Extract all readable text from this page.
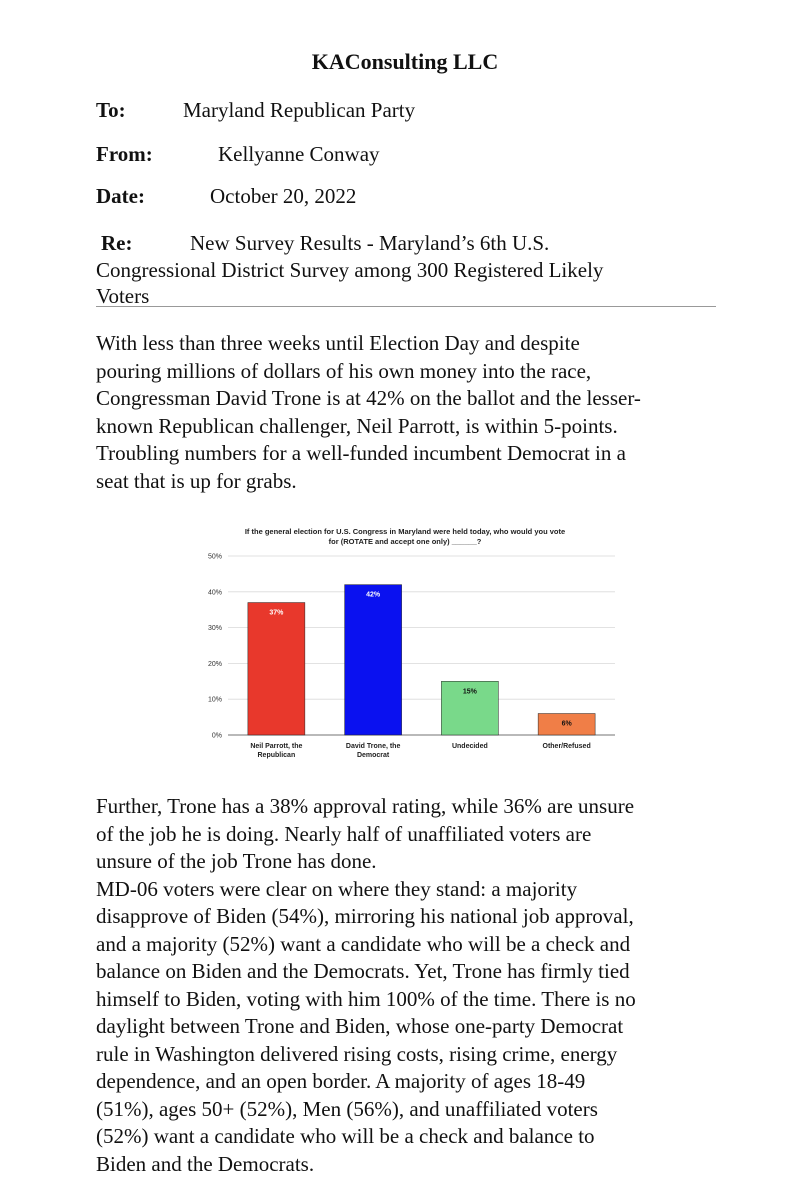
KAConsulting LLC
To:	Maryland Republican Party
From:	Kellyanne Conway
Date:	October 20, 2022
Re:	New Survey Results - Maryland’s 6th U.S.
Congressional District Survey among 300 Registered Likely
Voters
With less than three weeks until Election Day and despite
pouring millions of dollars of his own money into the race,
Congressman David Trone is at 42% on the ballot and the lesser-
known Republican challenger, Neil Parrott, is within 5-points.
Troubling numbers for a well-funded incumbent Democrat in a
seat that is up for grabs.
If the general election for U.S. Congress in Maryland were held today, who would you vote
for (ROTATE and accept one only) ______?
0%
10%
20%
30%
40%
50%
37%
Neil Parrott, the
Republican
42%
David Trone, the
Democrat
15%
Undecided
6%
Other/Refused
Further, Trone has a 38% approval rating, while 36% are unsure
of the job he is doing. Nearly half of unaffiliated voters are
unsure of the job Trone has done.
MD-06 voters were clear on where they stand: a majority
disapprove of Biden (54%), mirroring his national job approval,
and a majority (52%) want a candidate who will be a check and
balance on Biden and the Democrats. Yet, Trone has firmly tied
himself to Biden, voting with him 100% of the time. There is no
daylight between Trone and Biden, whose one-party Democrat
rule in Washington delivered rising costs, rising crime, energy
dependence, and an open border. A majority of ages 18-49
(51%), ages 50+ (52%), Men (56%), and unaffiliated voters
(52%) want a candidate who will be a check and balance to
Biden and the Democrats.
